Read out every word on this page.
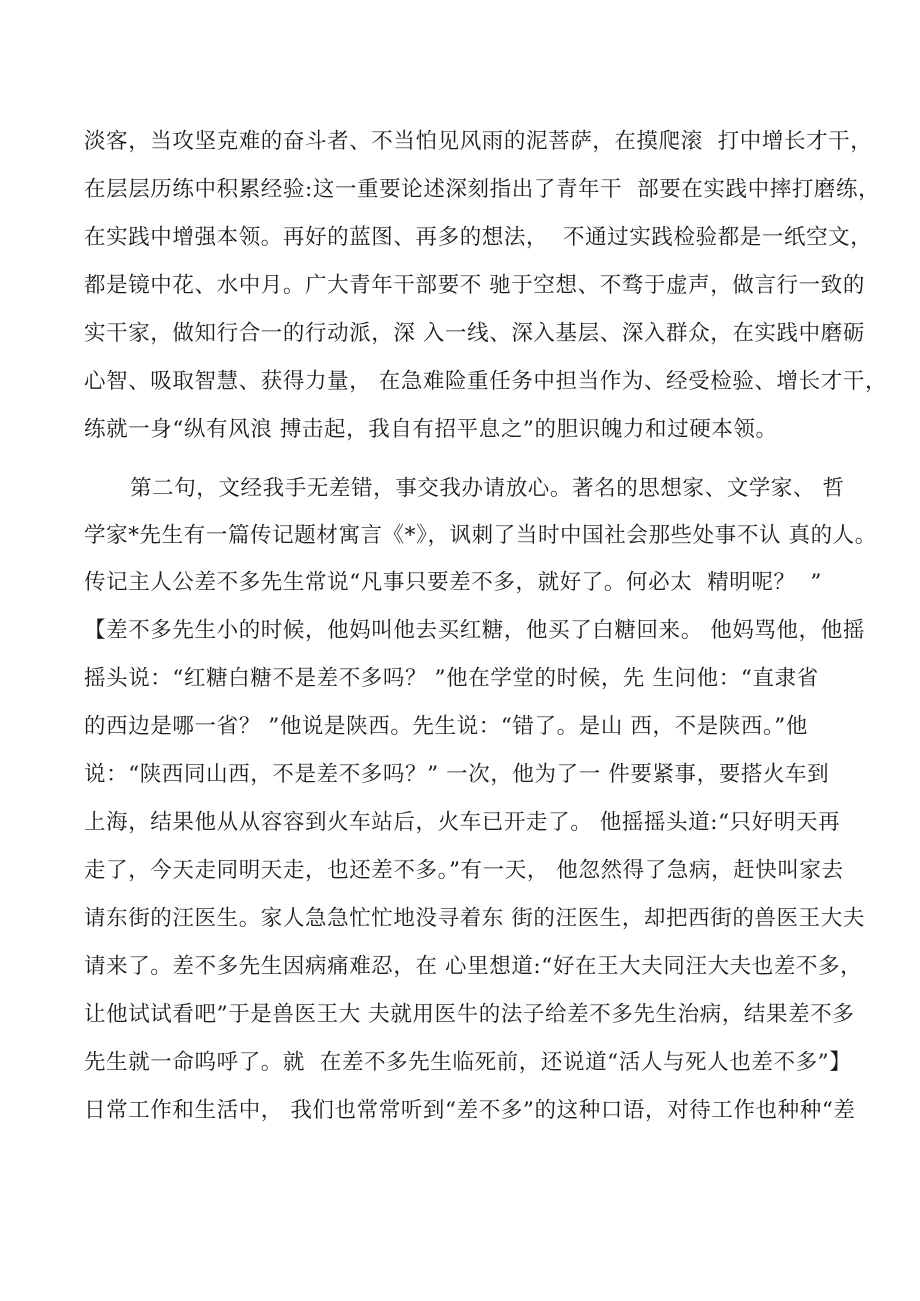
淡客，当攻坚克难的奋斗者、不当怕见风雨的泥菩萨，在摸爬滚  打中增长才干，
在层层历练中积累经验:这一重要论述深刻指出了青年干  部要在实践中摔打磨练，
在实践中增强本领。再好的蓝图、再多的想法，  不通过实践检验都是一纸空文，
都是镜中花、水中月。广大青年干部要不 驰于空想、不骛于虚声，做言行一致的
实干家，做知行合一的行动派，深 入一线、深入基层、深入群众，在实践中磨砺
心智、吸取智慧、获得力量， 在急难险重任务中担当作为、经受检验、增长才干，
练就一身“纵有风浪 搏击起，我自有招平息之”的胆识魄力和过硬本领。
第二句，文经我手无差错，事交我办请放心。著名的思想家、文学家、 哲
学家*先生有一篇传记题材寓言《*》，讽刺了当时中国社会那些处事不认 真的人。
传记主人公差不多先生常说“凡事只要差不多，就好了。何必太  精明呢？  ”
【差不多先生小的时候，他妈叫他去买红糖，他买了白糖回来。 他妈骂他，他摇
摇头说：“红糖白糖不是差不多吗？ ”他在学堂的时候，先 生问他：“直隶省
的西边是哪一省？ ”他说是陕西。先生说：“错了。是山 西，不是陕西。”他
说：“陕西同山西，不是差不多吗？” 一次，他为了一 件要紧事，要搭火车到
上海，结果他从从容容到火车站后，火车已开走了。 他摇摇头道:“只好明天再
走了，今天走同明天走，也还差不多。”有一天， 他忽然得了急病，赶快叫家去
请东街的汪医生。家人急急忙忙地没寻着东 街的汪医生，却把西街的兽医王大夫
请来了。差不多先生因病痛难忍，在 心里想道:“好在王大夫同汪大夫也差不多，
让他试试看吧”于是兽医王大 夫就用医牛的法子给差不多先生治病，结果差不多
先生就一命呜呼了。就  在差不多先生临死前，还说道“活人与死人也差不多”】
日常工作和生活中， 我们也常常听到“差不多”的这种口语，对待工作也种种“差
